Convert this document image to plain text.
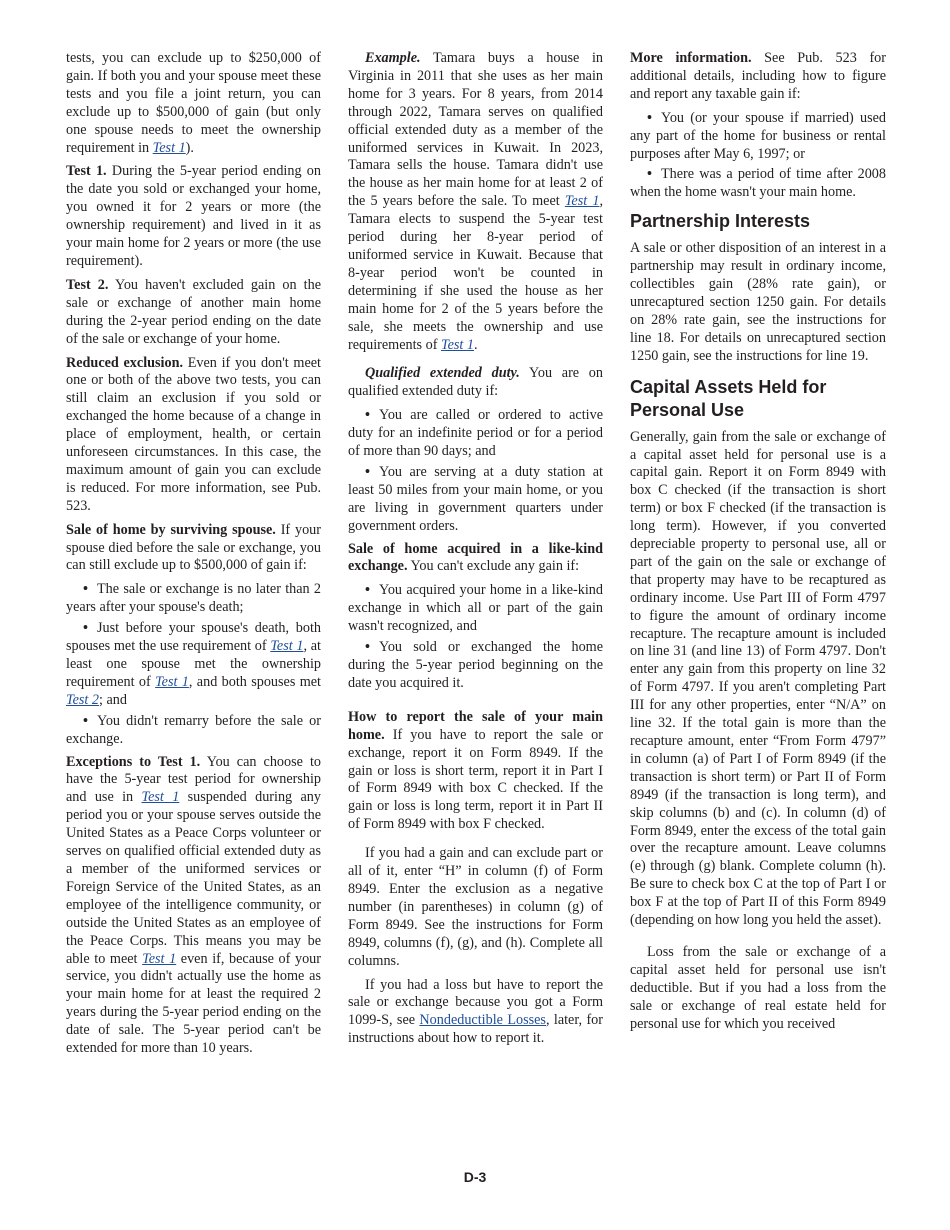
tests, you can exclude up to $250,000 of gain. If both you and your spouse meet these tests and you file a joint return, you can exclude up to $500,000 of gain (but only one spouse needs to meet the ownership requirement in Test 1).

Test 1. During the 5-year period ending on the date you sold or exchanged your home, you owned it for 2 years or more (the ownership requirement) and lived in it as your main home for 2 years or more (the use requirement).

Test 2. You haven't excluded gain on the sale or exchange of another main home during the 2-year period ending on the date of the sale or exchange of your home.

Reduced exclusion. Even if you don't meet one or both of the above two tests, you can still claim an exclusion if you sold or exchanged the home because of a change in place of employment, health, or certain unforeseen circumstances. In this case, the maximum amount of gain you can exclude is reduced. For more information, see Pub. 523.

Sale of home by surviving spouse. If your spouse died before the sale or exchange, you can still exclude up to $500,000 of gain if:

• The sale or exchange is no later than 2 years after your spouse's death;

• Just before your spouse's death, both spouses met the use requirement of Test 1, at least one spouse met the ownership requirement of Test 1, and both spouses met Test 2; and

• You didn't remarry before the sale or exchange.

Exceptions to Test 1. You can choose to have the 5-year test period for ownership and use in Test 1 suspended during any period you or your spouse serves outside the United States as a Peace Corps volunteer or serves on qualified official extended duty as a member of the uniformed services or Foreign Service of the United States, as an employee of the intelligence community, or outside the United States as an employee of the Peace Corps. This means you may be able to meet Test 1 even if, because of your service, you didn't actually use the home as your main home for at least the required 2 years during the 5-year period ending on the date of sale. The 5-year period can't be extended for more than 10 years.

Example. Tamara buys a house in Virginia in 2011 that she uses as her main home for 3 years. For 8 years, from 2014 through 2022, Tamara serves on qualified official extended duty as a member of the uniformed services in Kuwait. In 2023, Tamara sells the house. Tamara didn't use the house as her main home for at least 2 of the 5 years before the sale. To meet Test 1, Tamara elects to suspend the 5-year test period during her 8-year period of uniformed service in Kuwait. Because that 8-year period won't be counted in determining if she used the house as her main home for 2 of the 5 years before the sale, she meets the ownership and use requirements of Test 1.

Qualified extended duty. You are on qualified extended duty if:

• You are called or ordered to active duty for an indefinite period or for a period of more than 90 days; and

• You are serving at a duty station at least 50 miles from your main home, or you are living in government quarters under government orders.

Sale of home acquired in a like-kind exchange. You can't exclude any gain if:

• You acquired your home in a like-kind exchange in which all or part of the gain wasn't recognized, and

• You sold or exchanged the home during the 5-year period beginning on the date you acquired it.

How to report the sale of your main home. If you have to report the sale or exchange, report it on Form 8949. If the gain or loss is short term, report it in Part I of Form 8949 with box C checked. If the gain or loss is long term, report it in Part II of Form 8949 with box F checked.

If you had a gain and can exclude part or all of it, enter “H” in column (f) of Form 8949. Enter the exclusion as a negative number (in parentheses) in column (g) of Form 8949. See the instructions for Form 8949, columns (f), (g), and (h). Complete all columns.

If you had a loss but have to report the sale or exchange because you got a Form 1099-S, see Nondeductible Losses, later, for instructions about how to report it.

More information. See Pub. 523 for additional details, including how to figure and report any taxable gain if:

• You (or your spouse if married) used any part of the home for business or rental purposes after May 6, 1997; or

• There was a period of time after 2008 when the home wasn't your main home.

Partnership Interests

A sale or other disposition of an interest in a partnership may result in ordinary income, collectibles gain (28% rate gain), or unrecaptured section 1250 gain. For details on 28% rate gain, see the instructions for line 18. For details on unrecaptured section 1250 gain, see the instructions for line 19.

Capital Assets Held for Personal Use

Generally, gain from the sale or exchange of a capital asset held for personal use is a capital gain. Report it on Form 8949 with box C checked (if the transaction is short term) or box F checked (if the transaction is long term). However, if you converted depreciable property to personal use, all or part of the gain on the sale or exchange of that property may have to be recaptured as ordinary income. Use Part III of Form 4797 to figure the amount of ordinary income recapture. The recapture amount is included on line 31 (and line 13) of Form 4797. Don't enter any gain from this property on line 32 of Form 4797. If you aren't completing Part III for any other properties, enter “N/A” on line 32. If the total gain is more than the recapture amount, enter “From Form 4797” in column (a) of Part I of Form 8949 (if the transaction is short term) or Part II of Form 8949 (if the transaction is long term), and skip columns (b) and (c). In column (d) of Form 8949, enter the excess of the total gain over the recapture amount. Leave columns (e) through (g) blank. Complete column (h). Be sure to check box C at the top of Part I or box F at the top of Part II of this Form 8949 (depending on how long you held the asset).

Loss from the sale or exchange of a capital asset held for personal use isn't deductible. But if you had a loss from the sale or exchange of real estate held for personal use for which you received

D-3
